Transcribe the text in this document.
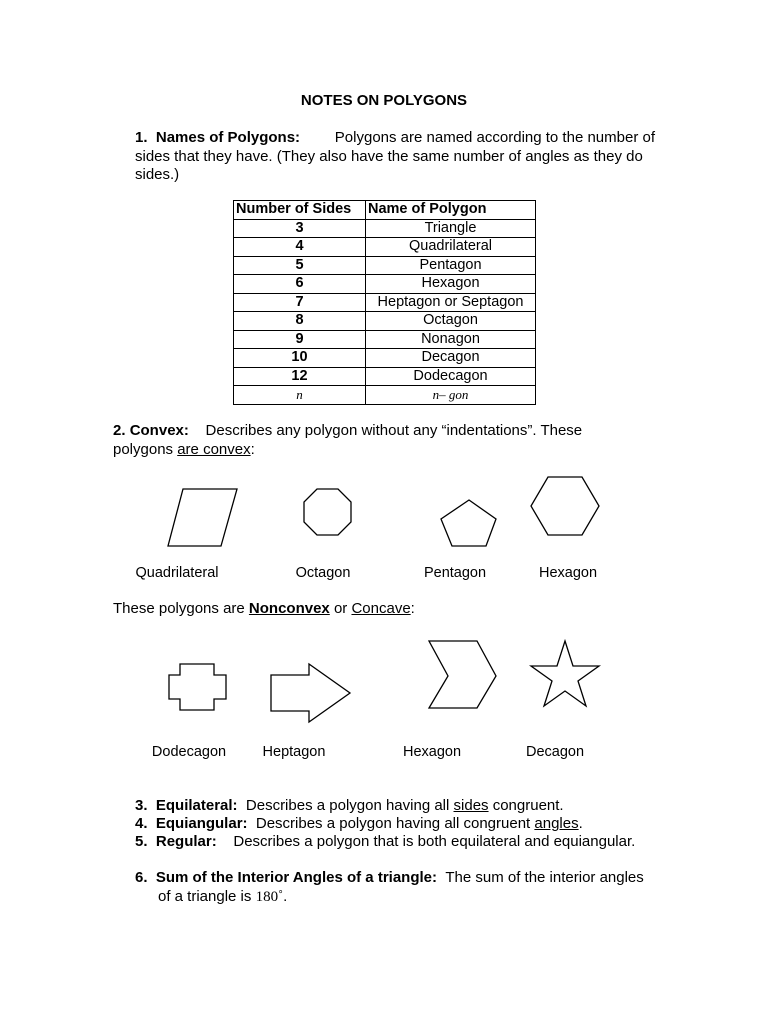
NOTES ON POLYGONS
1. Names of Polygons:	Polygons are named according to the number of
sides that they have. (They also have the same number of angles as they do
sides.)
Number of Sides	Name of Polygon
3	Triangle
4	Quadrilateral
5	Pentagon
6	Hexagon
7	Heptagon or Septagon
8	Octagon
9	Nonagon
10	Decagon
12	Dodecagon
n	n– gon
2. Convex: Describes any polygon without any “indentations”. These
polygons are convex:
Quadrilateral	Octagon	Pentagon	Hexagon
These polygons are Nonconvex or Concave:
Dodecagon	Heptagon	Hexagon	Decagon
3. Equilateral: Describes a polygon having all sides congruent.
4. Equiangular: Describes a polygon having all congruent angles.
5. Regular: Describes a polygon that is both equilateral and equiangular.
6. Sum of the Interior Angles of a triangle: The sum of the interior angles
of a triangle is 180˚.
